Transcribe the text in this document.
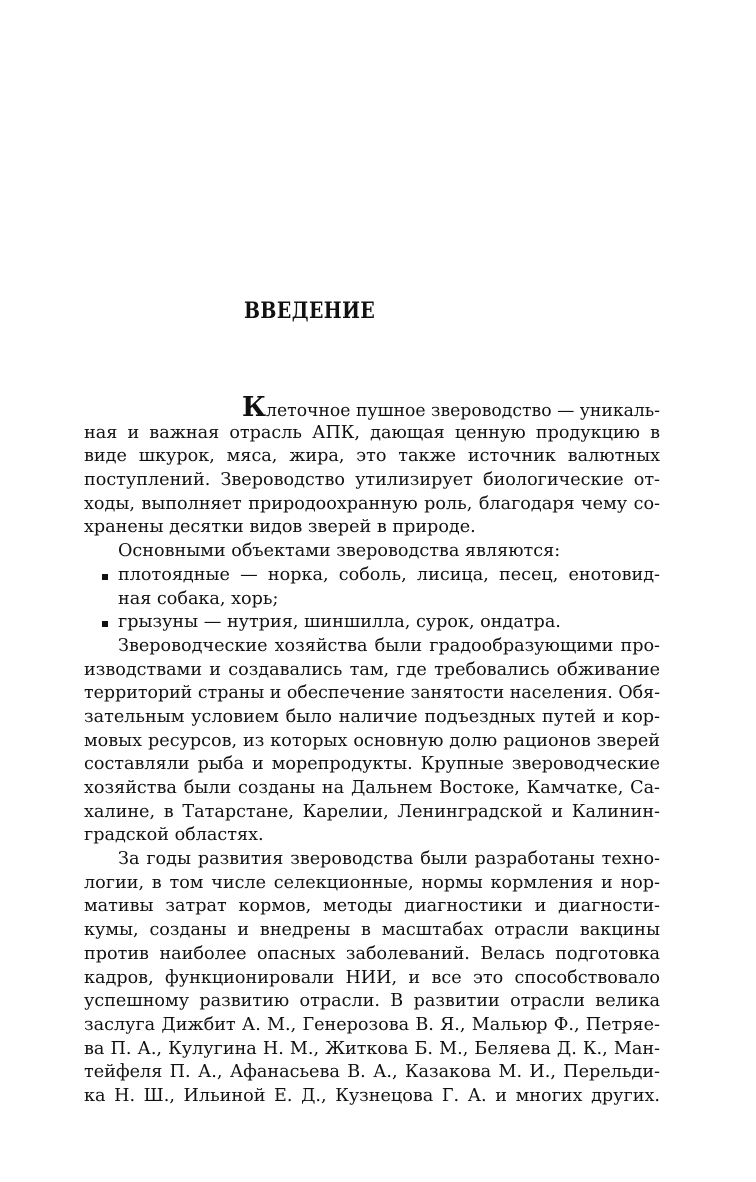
ВВЕДЕНИЕ
Клеточное пушное звероводство — уникаль-
ная и важная отрасль АПК, дающая ценную продукцию в
виде шкурок, мяса, жира, это также источник валютных
поступлений. Звероводство утилизирует биологические от-
ходы, выполняет природоохранную роль, благодаря чему со-
хранены десятки видов зверей в природе.
Основными объектами звероводства являются:
плотоядные — норка, соболь, лисица, песец, енотовид-
ная собака, хорь;
грызуны — нутрия, шиншилла, сурок, ондатра.
Звероводческие хозяйства были градообразующими про-
изводствами и создавались там, где требовались обживание
территорий страны и обеспечение занятости населения. Обя-
зательным условием было наличие подъездных путей и кор-
мовых ресурсов, из которых основную долю рационов зверей
составляли рыба и морепродукты. Крупные звероводческие
хозяйства были созданы на Дальнем Востоке, Камчатке, Са-
халине, в Татарстане, Карелии, Ленинградской и Калинин-
градской областях.
За годы развития звероводства были разработаны техно-
логии, в том числе селекционные, нормы кормления и нор-
мативы затрат кормов, методы диагностики и диагности-
кумы, созданы и внедрены в масштабах отрасли вакцины
против наиболее опасных заболеваний. Велась подготовка
кадров, функционировали НИИ, и все это способствовало
успешному развитию отрасли. В развитии отрасли велика
заслуга Дижбит А. М., Генерозова В. Я., Мальюр Ф., Петряе-
ва П. А., Кулугина Н. М., Житкова Б. М., Беляева Д. К., Ман-
тейфеля П. А., Афанасьева В. А., Казакова М. И., Перельди-
ка Н. Ш., Ильиной Е. Д., Кузнецова Г. А. и многих других.
